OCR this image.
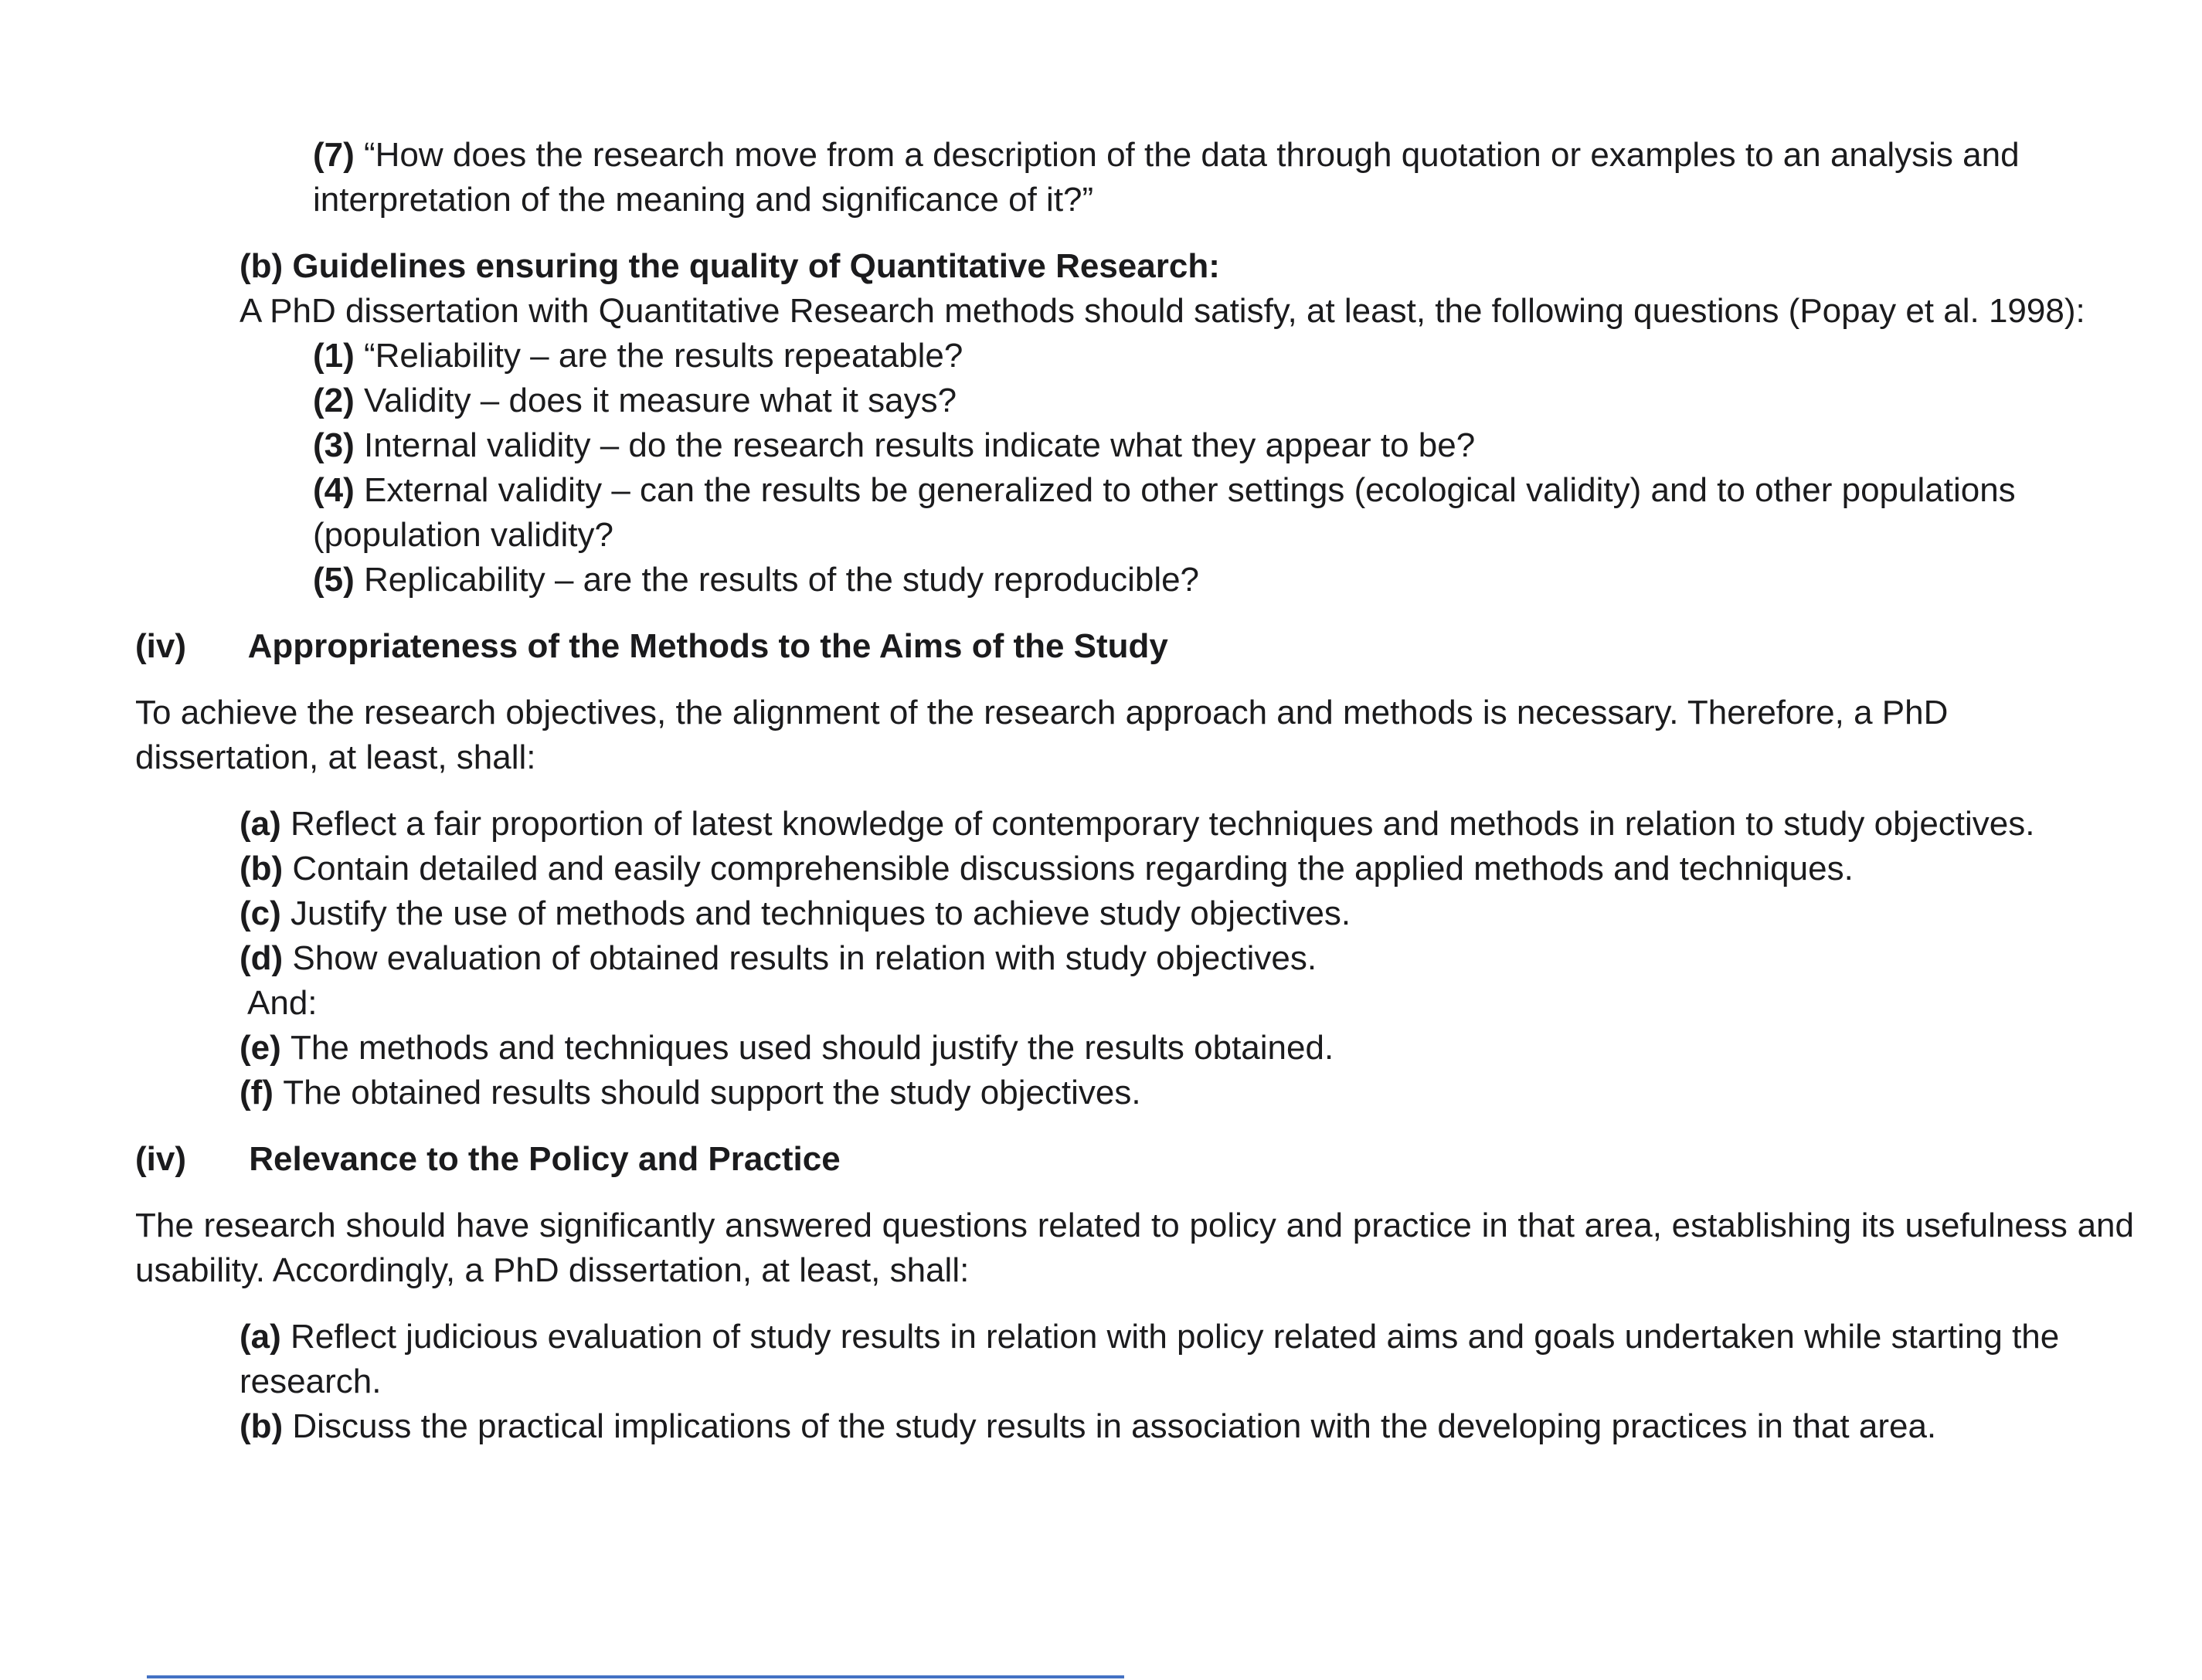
(7) “How does the research move from a description of the data through quotation or examples to an analysis and interpretation of the meaning and significance of it?”
(b) Guidelines ensuring the quality of Quantitative Research:
A PhD dissertation with Quantitative Research methods should satisfy, at least, the following questions (Popay et al. 1998):
(1) “Reliability – are the results repeatable?
(2) Validity – does it measure what it says?
(3) Internal validity – do the research results indicate what they appear to be?
(4) External validity – can the results be generalized to other settings (ecological validity) and to other populations (population validity?
(5) Replicability – are the results of the study reproducible?
(iv) Appropriateness of the Methods to the Aims of the Study
To achieve the research objectives, the alignment of the research approach and methods is necessary. Therefore, a PhD dissertation, at least, shall:
(a) Reflect a fair proportion of latest knowledge of contemporary techniques and methods in relation to study objectives.
(b) Contain detailed and easily comprehensible discussions regarding the applied methods and techniques.
(c) Justify the use of methods and techniques to achieve study objectives.
(d) Show evaluation of obtained results in relation with study objectives.
And:
(e) The methods and techniques used should justify the results obtained.
(f) The obtained results should support the study objectives.
(iv) Relevance to the Policy and Practice
The research should have significantly answered questions related to policy and practice in that area, establishing its usefulness and usability. Accordingly, a PhD dissertation, at least, shall:
(a) Reflect judicious evaluation of study results in relation with policy related aims and goals undertaken while starting the research.
(b) Discuss the practical implications of the study results in association with the developing practices in that area.
